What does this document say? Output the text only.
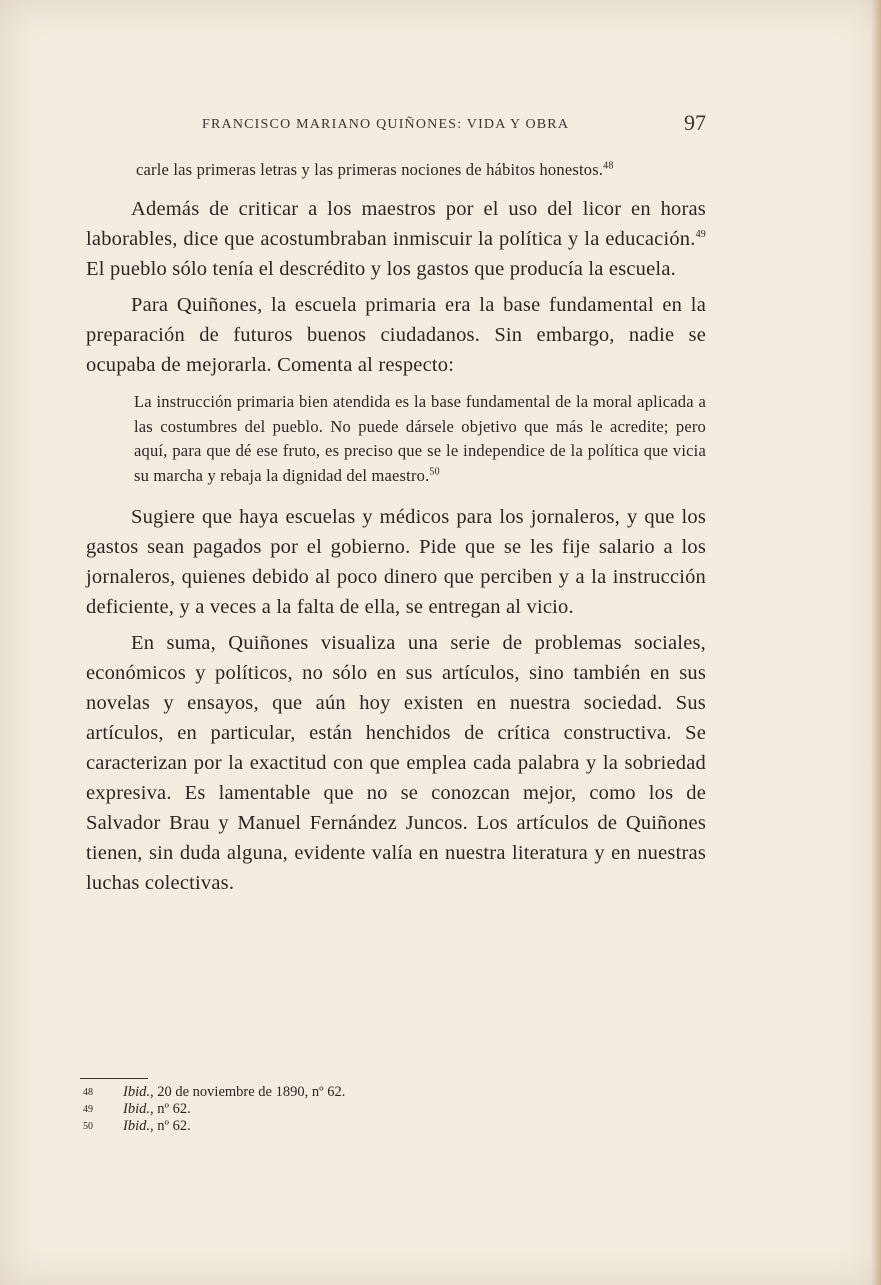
FRANCISCO MARIANO QUIÑONES: VIDA Y OBRA	97

carle las primeras letras y las primeras nociones de hábitos honestos.$^{48}$

Además de criticar a los maestros por el uso del licor en horas laborables, dice que acostumbraban inmiscuir la política y la educación.$^{49}$ El pueblo sólo tenía el descrédito y los gastos que producía la escuela.

Para Quiñones, la escuela primaria era la base fundamental en la preparación de futuros buenos ciudadanos. Sin embargo, nadie se ocupaba de mejorarla. Comenta al respecto:

La instrucción primaria bien atendida es la base fundamental de la moral aplicada a las costumbres del pueblo. No puede dársele objetivo que más le acredite; pero aquí, para que dé ese fruto, es preciso que se le independice de la política que vicia su marcha y rebaja la dignidad del maestro.$^{50}$

Sugiere que haya escuelas y médicos para los jornaleros, y que los gastos sean pagados por el gobierno. Pide que se les fije salario a los jornaleros, quienes debido al poco dinero que perciben y a la instrucción deficiente, y a veces a la falta de ella, se entregan al vicio.

En suma, Quiñones visualiza una serie de problemas sociales, económicos y políticos, no sólo en sus artículos, sino también en sus novelas y ensayos, que aún hoy existen en nuestra sociedad. Sus artículos, en particular, están henchidos de crítica constructiva. Se caracterizan por la exactitud con que emplea cada palabra y la sobriedad expresiva. Es lamentable que no se conozcan mejor, como los de Salvador Brau y Manuel Fernández Juncos. Los artículos de Quiñones tienen, sin duda alguna, evidente valía en nuestra literatura y en nuestras luchas colectivas.

48 Ibid., 20 de noviembre de 1890, nº 62.
49 Ibid., nº 62.
50 Ibid., nº 62.
